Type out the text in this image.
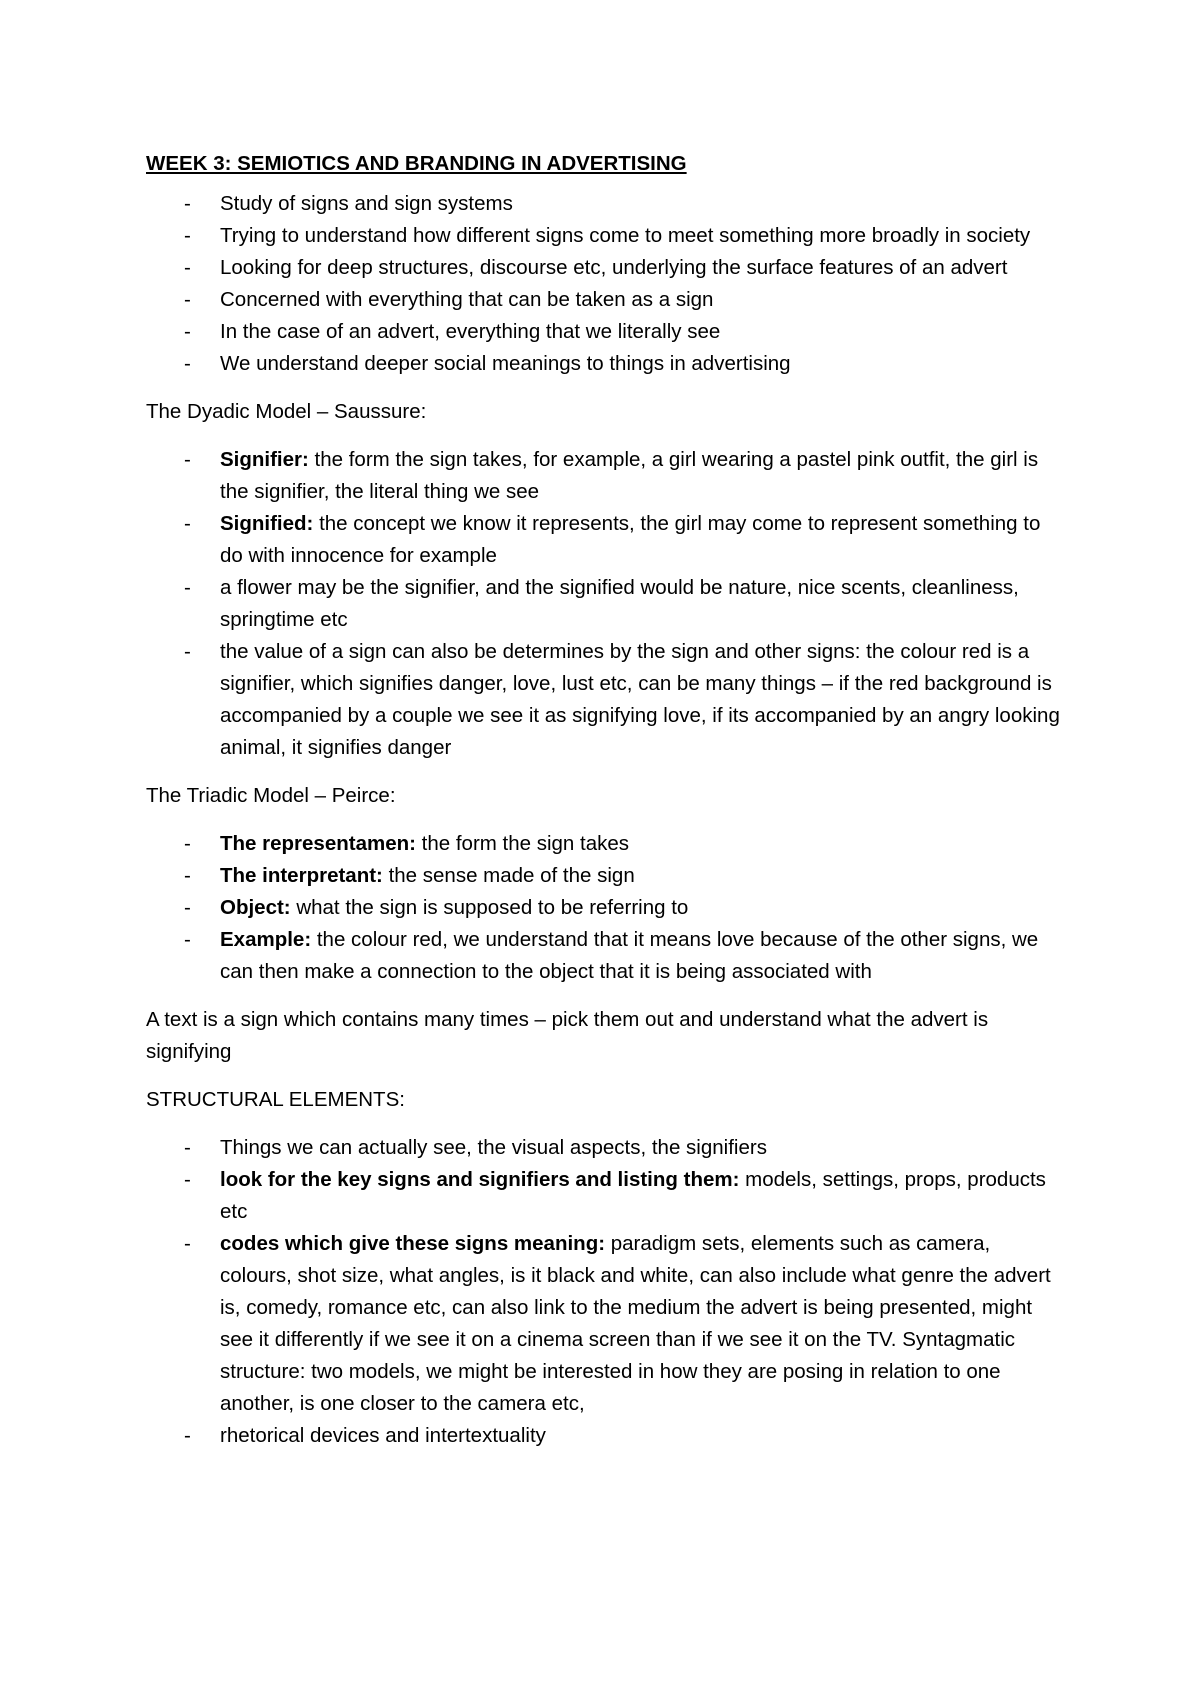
WEEK 3: SEMIOTICS AND BRANDING IN ADVERTISING
- Study of signs and sign systems
- Trying to understand how different signs come to meet something more broadly in society
- Looking for deep structures, discourse etc, underlying the surface features of an advert
- Concerned with everything that can be taken as a sign
- In the case of an advert, everything that we literally see
- We understand deeper social meanings to things in advertising

The Dyadic Model – Saussure:

- Signifier: the form the sign takes, for example, a girl wearing a pastel pink outfit, the girl is the signifier, the literal thing we see
- Signified: the concept we know it represents, the girl may come to represent something to do with innocence for example
- a flower may be the signifier, and the signified would be nature, nice scents, cleanliness, springtime etc
- the value of a sign can also be determines by the sign and other signs: the colour red is a signifier, which signifies danger, love, lust etc, can be many things – if the red background is accompanied by a couple we see it as signifying love, if its accompanied by an angry looking animal, it signifies danger

The Triadic Model – Peirce:

- The representamen: the form the sign takes
- The interpretant: the sense made of the sign
- Object: what the sign is supposed to be referring to
- Example: the colour red, we understand that it means love because of the other signs, we can then make a connection to the object that it is being associated with

A text is a sign which contains many times – pick them out and understand what the advert is signifying

STRUCTURAL ELEMENTS:

- Things we can actually see, the visual aspects, the signifiers
- look for the key signs and signifiers and listing them: models, settings, props, products etc
- codes which give these signs meaning: paradigm sets, elements such as camera, colours, shot size, what angles, is it black and white, can also include what genre the advert is, comedy, romance etc, can also link to the medium the advert is being presented, might see it differently if we see it on a cinema screen than if we see it on the TV. Syntagmatic structure: two models, we might be interested in how they are posing in relation to one another, is one closer to the camera etc,
- rhetorical devices and intertextuality
